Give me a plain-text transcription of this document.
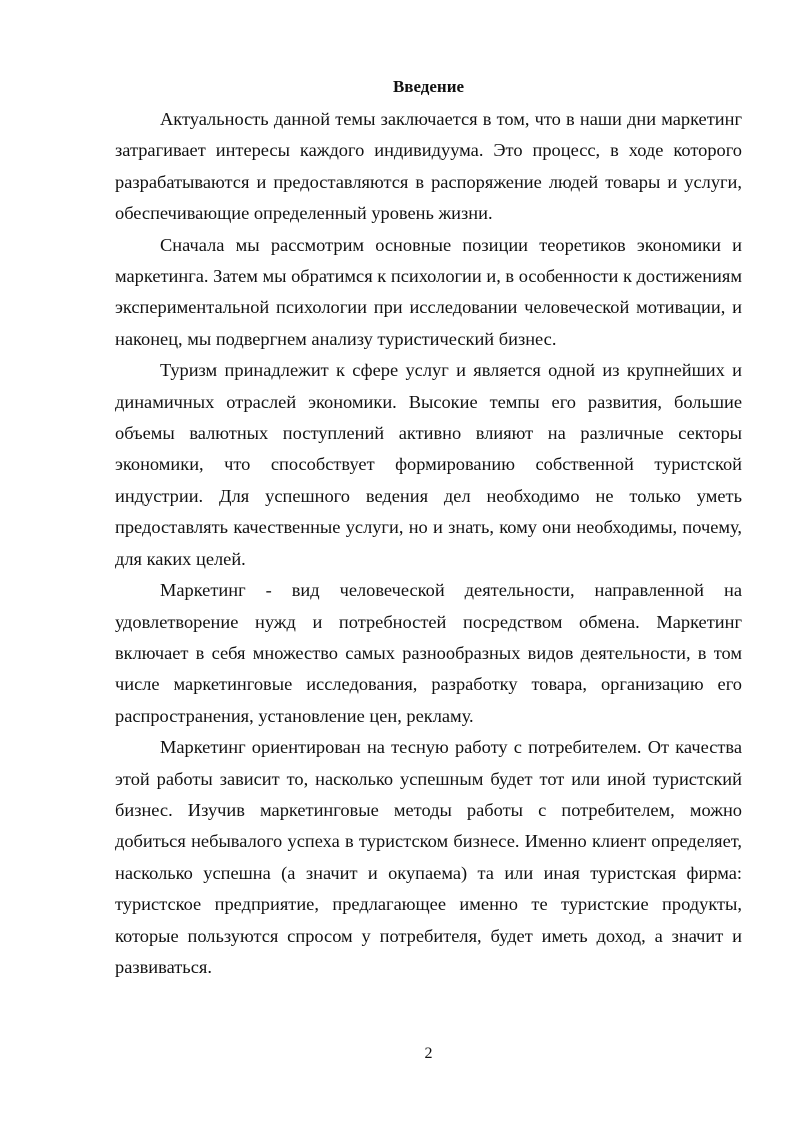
Введение

Актуальность данной темы заключается в том, что в наши дни маркетинг затрагивает интересы каждого индивидуума. Это процесс, в ходе которого разрабатываются и предоставляются в распоряжение людей товары и услуги, обеспечивающие определенный уровень жизни.

Сначала мы рассмотрим основные позиции теоретиков экономики и маркетинга. Затем мы обратимся к психологии и, в особенности к достижениям экспериментальной психологии при исследовании человеческой мотивации, и наконец, мы подвергнем анализу туристический бизнес.

Туризм принадлежит к сфере услуг и является одной из крупнейших и динамичных отраслей экономики. Высокие темпы его развития, большие объемы валютных поступлений активно влияют на различные секторы экономики, что способствует формированию собственной туристской индустрии. Для успешного ведения дел необходимо не только уметь предоставлять качественные услуги, но и знать, кому они необходимы, почему, для каких целей.

Маркетинг - вид человеческой деятельности, направленной на удовлетворение нужд и потребностей посредством обмена. Маркетинг включает в себя множество самых разнообразных видов деятельности, в том числе маркетинговые исследования, разработку товара, организацию его распространения, установление цен, рекламу.

Маркетинг ориентирован на тесную работу с потребителем. От качества этой работы зависит то, насколько успешным будет тот или иной туристский бизнес. Изучив маркетинговые методы работы с потребителем, можно добиться небывалого успеха в туристском бизнесе. Именно клиент определяет, насколько успешна (а значит и окупаема) та или иная туристская фирма: туристское предприятие, предлагающее именно те туристские продукты, которые пользуются спросом у потребителя, будет иметь доход, а значит и развиваться.

2
